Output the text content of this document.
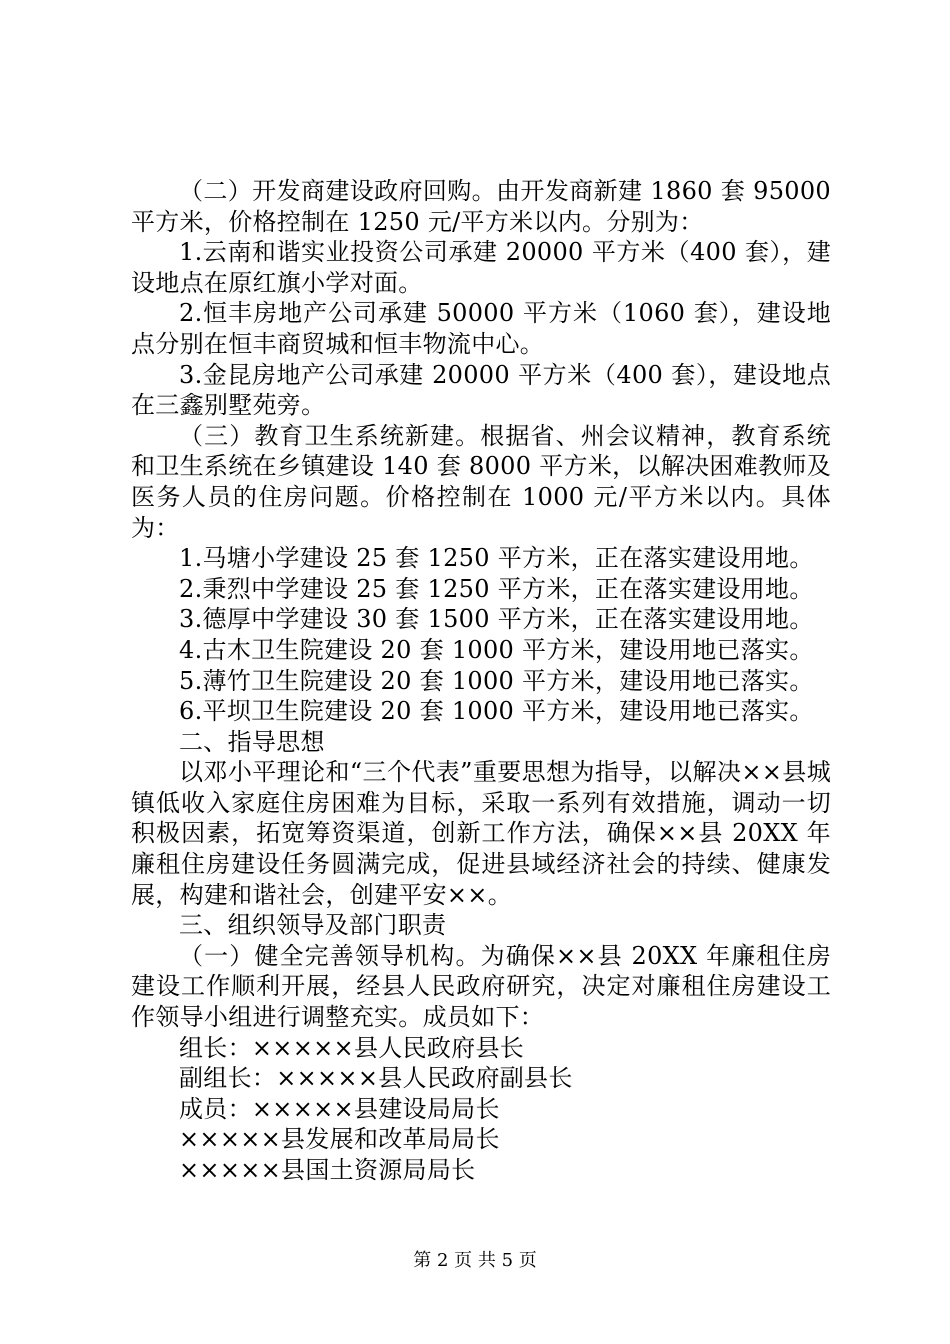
（二）开发商建设政府回购。由开发商新建 1860 套 95000 平方米，价格控制在 1250 元/平方米以内。分别为：

1.云南和谐实业投资公司承建 20000 平方米（400 套），建设地点在原红旗小学对面。

2.恒丰房地产公司承建 50000 平方米（1060 套），建设地点分别在恒丰商贸城和恒丰物流中心。

3.金昆房地产公司承建 20000 平方米（400 套），建设地点在三鑫别墅苑旁。

（三）教育卫生系统新建。根据省、州会议精神，教育系统和卫生系统在乡镇建设 140 套 8000 平方米，以解决困难教师及医务人员的住房问题。价格控制在 1000 元/平方米以内。具体为：

1.马塘小学建设 25 套 1250 平方米，正在落实建设用地。

2.秉烈中学建设 25 套 1250 平方米，正在落实建设用地。

3.德厚中学建设 30 套 1500 平方米，正在落实建设用地。

4.古木卫生院建设 20 套 1000 平方米，建设用地已落实。

5.薄竹卫生院建设 20 套 1000 平方米，建设用地已落实。

6.平坝卫生院建设 20 套 1000 平方米，建设用地已落实。

二、指导思想

以邓小平理论和“三个代表”重要思想为指导，以解决××县城镇低收入家庭住房困难为目标，采取一系列有效措施，调动一切积极因素，拓宽筹资渠道，创新工作方法，确保××县 20XX 年廉租住房建设任务圆满完成，促进县域经济社会的持续、健康发展，构建和谐社会，创建平安××。

三、组织领导及部门职责

（一）健全完善领导机构。为确保××县 20XX 年廉租住房建设工作顺利开展，经县人民政府研究，决定对廉租住房建设工作领导小组进行调整充实。成员如下：

组长：×××××县人民政府县长

副组长：×××××县人民政府副县长

成员：×××××县建设局局长

×××××县发展和改革局局长

×××××县国土资源局局长

第 2 页 共 5 页
